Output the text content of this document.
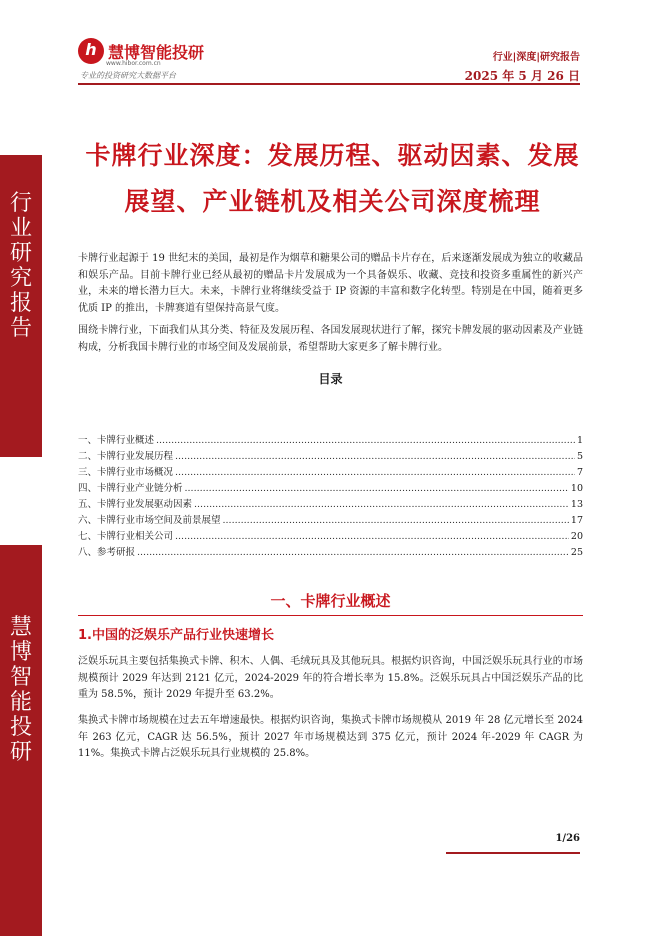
行
业
研
究
报
告
慧
博
智
能
投
研
h 慧博智能投研
www.hibor.com.cn
专业的投资研究大数据平台
行业|深度|研究报告
2025 年 5 月 26 日
卡牌行业深度：发展历程、驱动因素、发展
展望、产业链机及相关公司深度梳理

卡牌行业起源于 19 世纪末的美国，最初是作为烟草和糖果公司的赠品卡片存在，后来逐渐发展成为独立的收藏品和娱乐产品。目前卡牌行业已经从最初的赠品卡片发展成为一个具备娱乐、收藏、竞技和投资多重属性的新兴产业，未来的增长潜力巨大。未来，卡牌行业将继续受益于 IP 资源的丰富和数字化转型。特别是在中国，随着更多优质 IP 的推出，卡牌赛道有望保持高景气度。

围绕卡牌行业，下面我们从其分类、特征及发展历程、各国发展现状进行了解，探究卡牌发展的驱动因素及产业链构成，分析我国卡牌行业的市场空间及发展前景，希望帮助大家更多了解卡牌行业。

目录
一、卡牌行业概述 .....	1
二、卡牌行业发展历程 .....	5
三、卡牌行业市场概况 .....	7
四、卡牌行业产业链分析 .....	10
五、卡牌行业发展驱动因素 .....	13
六、卡牌行业市场空间及前景展望 .....	17
七、卡牌行业相关公司 .....	20
八、参考研报 .....	25
一、卡牌行业概述
1.中国的泛娱乐产品行业快速增长

泛娱乐玩具主要包括集换式卡牌、积木、人偶、毛绒玩具及其他玩具。根据灼识咨询，中国泛娱乐玩具行业的市场规模预计 2029 年达到 2121 亿元，2024-2029 年的符合增长率为 15.8%。泛娱乐玩具占中国泛娱乐产品的比重为 58.5%，预计 2029 年提升至 63.2%。

集换式卡牌市场规模在过去五年增速最快。根据灼识咨询，集换式卡牌市场规模从 2019 年 28 亿元增长至 2024 年 263 亿元，CAGR 达 56.5%，预计 2027 年市场规模达到 375 亿元，预计 2024 年-2029 年 CAGR 为 11%。集换式卡牌占泛娱乐玩具行业规模的 25.8%。

1/26
